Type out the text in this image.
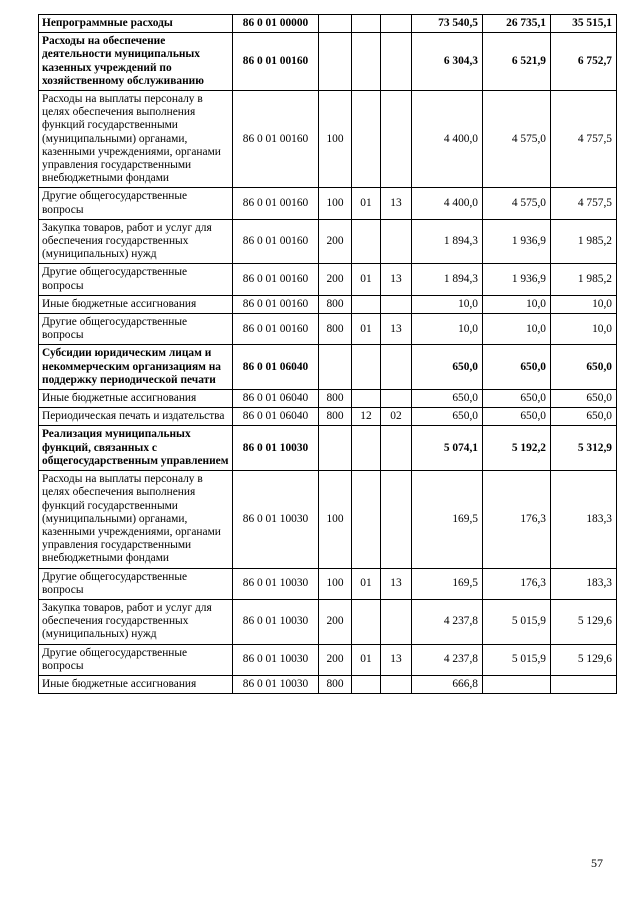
Непрограммные расходы	86 0 01 00000				73 540,5	26 735,1	35 515,1
Расходы на обеспечение деятельности муниципальных казенных учреждений по хозяйственному обслуживанию	86 0 01 00160				6 304,3	6 521,9	6 752,7
Расходы на выплаты персоналу в целях обеспечения выполнения функций государственными (муниципальными) органами, казенными учреждениями, органами управления государственными внебюджетными фондами	86 0 01 00160	100			4 400,0	4 575,0	4 757,5
Другие общегосударственные вопросы	86 0 01 00160	100	01	13	4 400,0	4 575,0	4 757,5
Закупка товаров, работ и услуг для обеспечения государственных (муниципальных) нужд	86 0 01 00160	200			1 894,3	1 936,9	1 985,2
Другие общегосударственные вопросы	86 0 01 00160	200	01	13	1 894,3	1 936,9	1 985,2
Иные бюджетные ассигнования	86 0 01 00160	800			10,0	10,0	10,0
Другие общегосударственные вопросы	86 0 01 00160	800	01	13	10,0	10,0	10,0
Субсидии юридическим лицам и некоммерческим организациям на поддержку периодической печати	86 0 01 06040				650,0	650,0	650,0
Иные бюджетные ассигнования	86 0 01 06040	800			650,0	650,0	650,0
Периодическая печать и издательства	86 0 01 06040	800	12	02	650,0	650,0	650,0
Реализация муниципальных функций, связанных с общегосударственным управлением	86 0 01 10030				5 074,1	5 192,2	5 312,9
Расходы на выплаты персоналу в целях обеспечения выполнения функций государственными (муниципальными) органами, казенными учреждениями, органами управления государственными внебюджетными фондами	86 0 01 10030	100			169,5	176,3	183,3
Другие общегосударственные вопросы	86 0 01 10030	100	01	13	169,5	176,3	183,3
Закупка товаров, работ и услуг для обеспечения государственных (муниципальных) нужд	86 0 01 10030	200			4 237,8	5 015,9	5 129,6
Другие общегосударственные вопросы	86 0 01 10030	200	01	13	4 237,8	5 015,9	5 129,6
Иные бюджетные ассигнования	86 0 01 10030	800			666,8		
57
